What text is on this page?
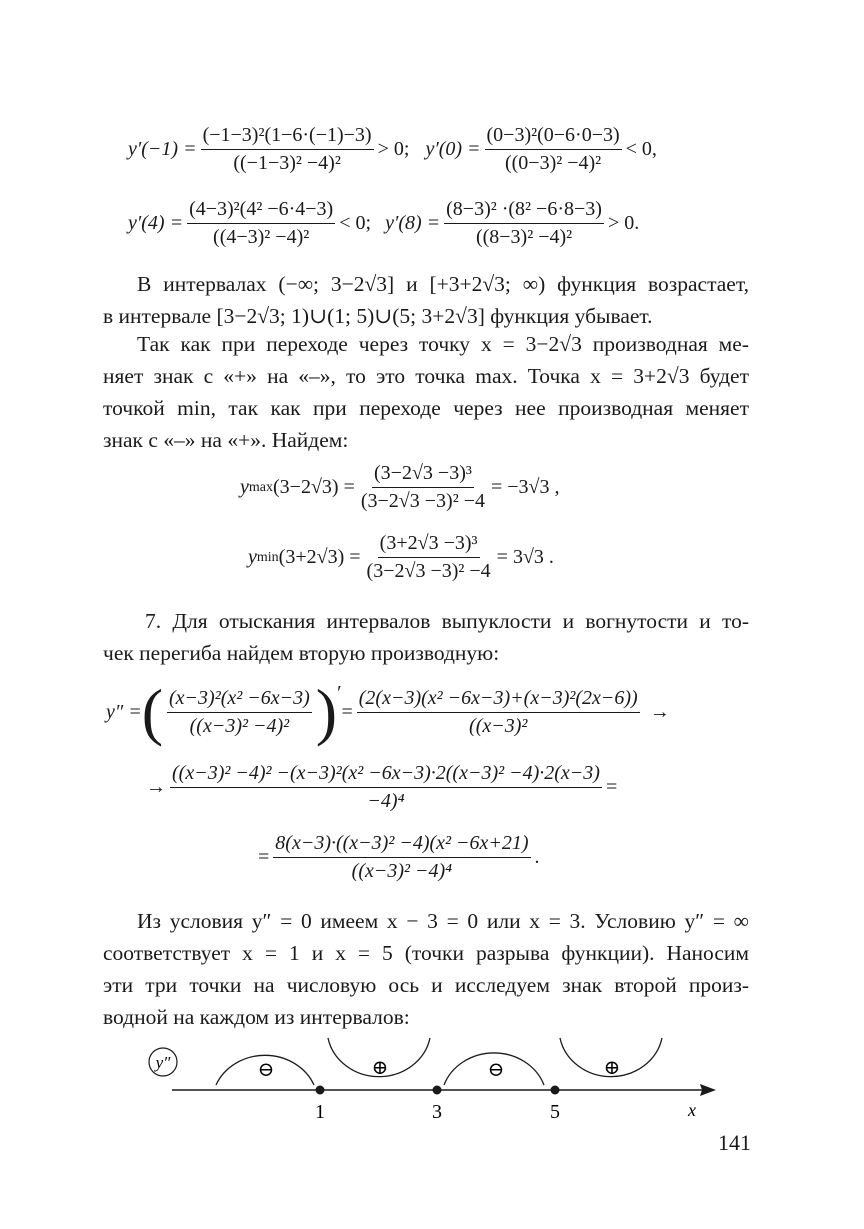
$y'(-1) = \frac{\text{(−1−3)²(1−6·(−1)−3)}}{\text{((−1−3)² −4)²}} > 0$; $y'(0) = \frac{\text{(0−3)²(0−6·0−3)}}{\text{((0−3)² −4)²}} < 0$,
$y'(4) = \frac{\text{(4−3)²(4² −6·4−3)}}{\text{((4−3)² −4)²}} < 0$; $y'(8) = \frac{\text{(8−3)² ·(8² −6·8−3)}}{\text{((8−3)² −4)²}} > 0$.

В интервалах (−∞; 3−2√3] и [+3+2√3; ∞) функция возрастает,

в интервале [3−2√3; 1)∪(1; 5)∪(5; 3+2√3] функция убывает.

Так как при переходе через точку x = 3−2√3 производная ме-

няет знак с «+» на «–», то это точка max. Точка x = 3+2√3 будет

точкой min, так как при переходе через нее производная меняет

знак с «–» на «+». Найдем:

y $\max (3-2√3) = \frac{\text{(3−2√3 −3)³}}{\text{(3−2√3 −3)² −4}} = -3√3$ ,
y $\min (3+2√3) = \frac{\text{(3+2√3 −3)³}}{\text{(3−2√3 −3)² −4}} = 3√3$ .

7. Для отыскания интервалов выпуклости и вогнутости и то-

чек перегиба найдем вторую производную:

y″ = ( $\frac{\text{(x−3)²(x² −6x−3)}}{\text{((x−3)² −4)²}}$ ) ′
= $\frac{\text{(2(x−3)(x² −6x−3)+(x−3)²(2x−6))}}{\text{((x−3)²}}$ →
→ $\frac{\text{((x−3)² −4)² −(x−3)²(x² −6x−3)·2((x−3)² −4)·2(x−3)}}{\text{−4)⁴}}$ =
= $\frac{\text{8(x−3)·((x−3)² −4)(x² −6x+21)}}{\text{((x−3)² −4)⁴}}$ .

Из условия y″ = 0 имеем x − 3 = 0 или x = 3. Условию y″ = ∞

соответствует x = 1 и x = 5 (точки разрыва функции). Наносим

эти три точки на числовую ось и исследуем знак второй произ-

водной на каждом из интервалов:

y″
x
⊖	⊕	⊖	⊕
1	3	5
141
